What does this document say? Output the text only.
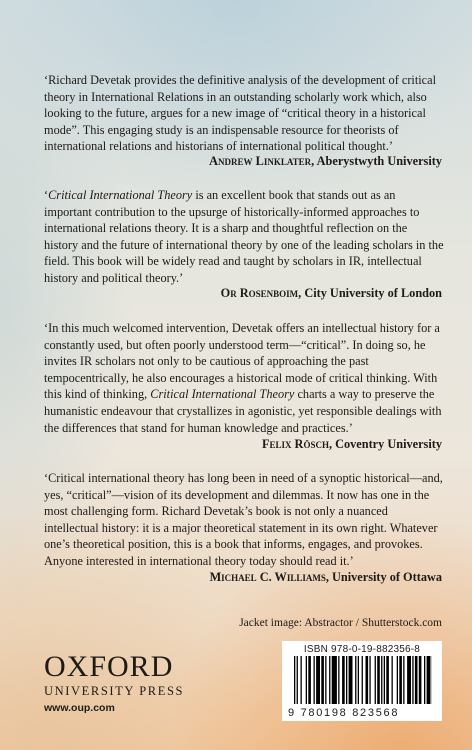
‘Richard Devetak provides the definitive analysis of the development of critical theory in International Relations in an outstanding scholarly work which, also looking to the future, argues for a new image of “critical theory in a historical mode”. This engaging study is an indispensable resource for theorists of international relations and historians of international political thought.’

Andrew Linklater, Aberystwyth University

‘Critical International Theory is an excellent book that stands out as an important contribution to the upsurge of historically-informed approaches to international relations theory. It is a sharp and thoughtful reflection on the history and the future of international theory by one of the leading scholars in the field. This book will be widely read and taught by scholars in IR, intellectual history and political theory.’

Or Rosenboim, City University of London

‘In this much welcomed intervention, Devetak offers an intellectual history for a constantly used, but often poorly understood term—“critical”. In doing so, he invites IR scholars not only to be cautious of approaching the past tempocentrically, he also encourages a historical mode of critical thinking. With this kind of thinking, Critical International Theory charts a way to preserve the humanistic endeavour that crystallizes in agonistic, yet responsible dealings with the differences that stand for human knowledge and practices.’

Felix Rösch, Coventry University

‘Critical international theory has long been in need of a synoptic historical—and, yes, “critical”—vision of its development and dilemmas. It now has one in the most challenging form. Richard Devetak’s book is not only a nuanced intellectual history: it is a major theoretical statement in its own right. Whatever one’s theoretical position, this is a book that informs, engages, and provokes. Anyone interested in international theory today should read it.’

Michael C. Williams, University of Ottawa
Jacket image: Abstractor / Shutterstock.com
OXFORD
UNIVERSITY PRESS
www.oup.com
ISBN 978-0-19-882356-8
9 780198 823568
